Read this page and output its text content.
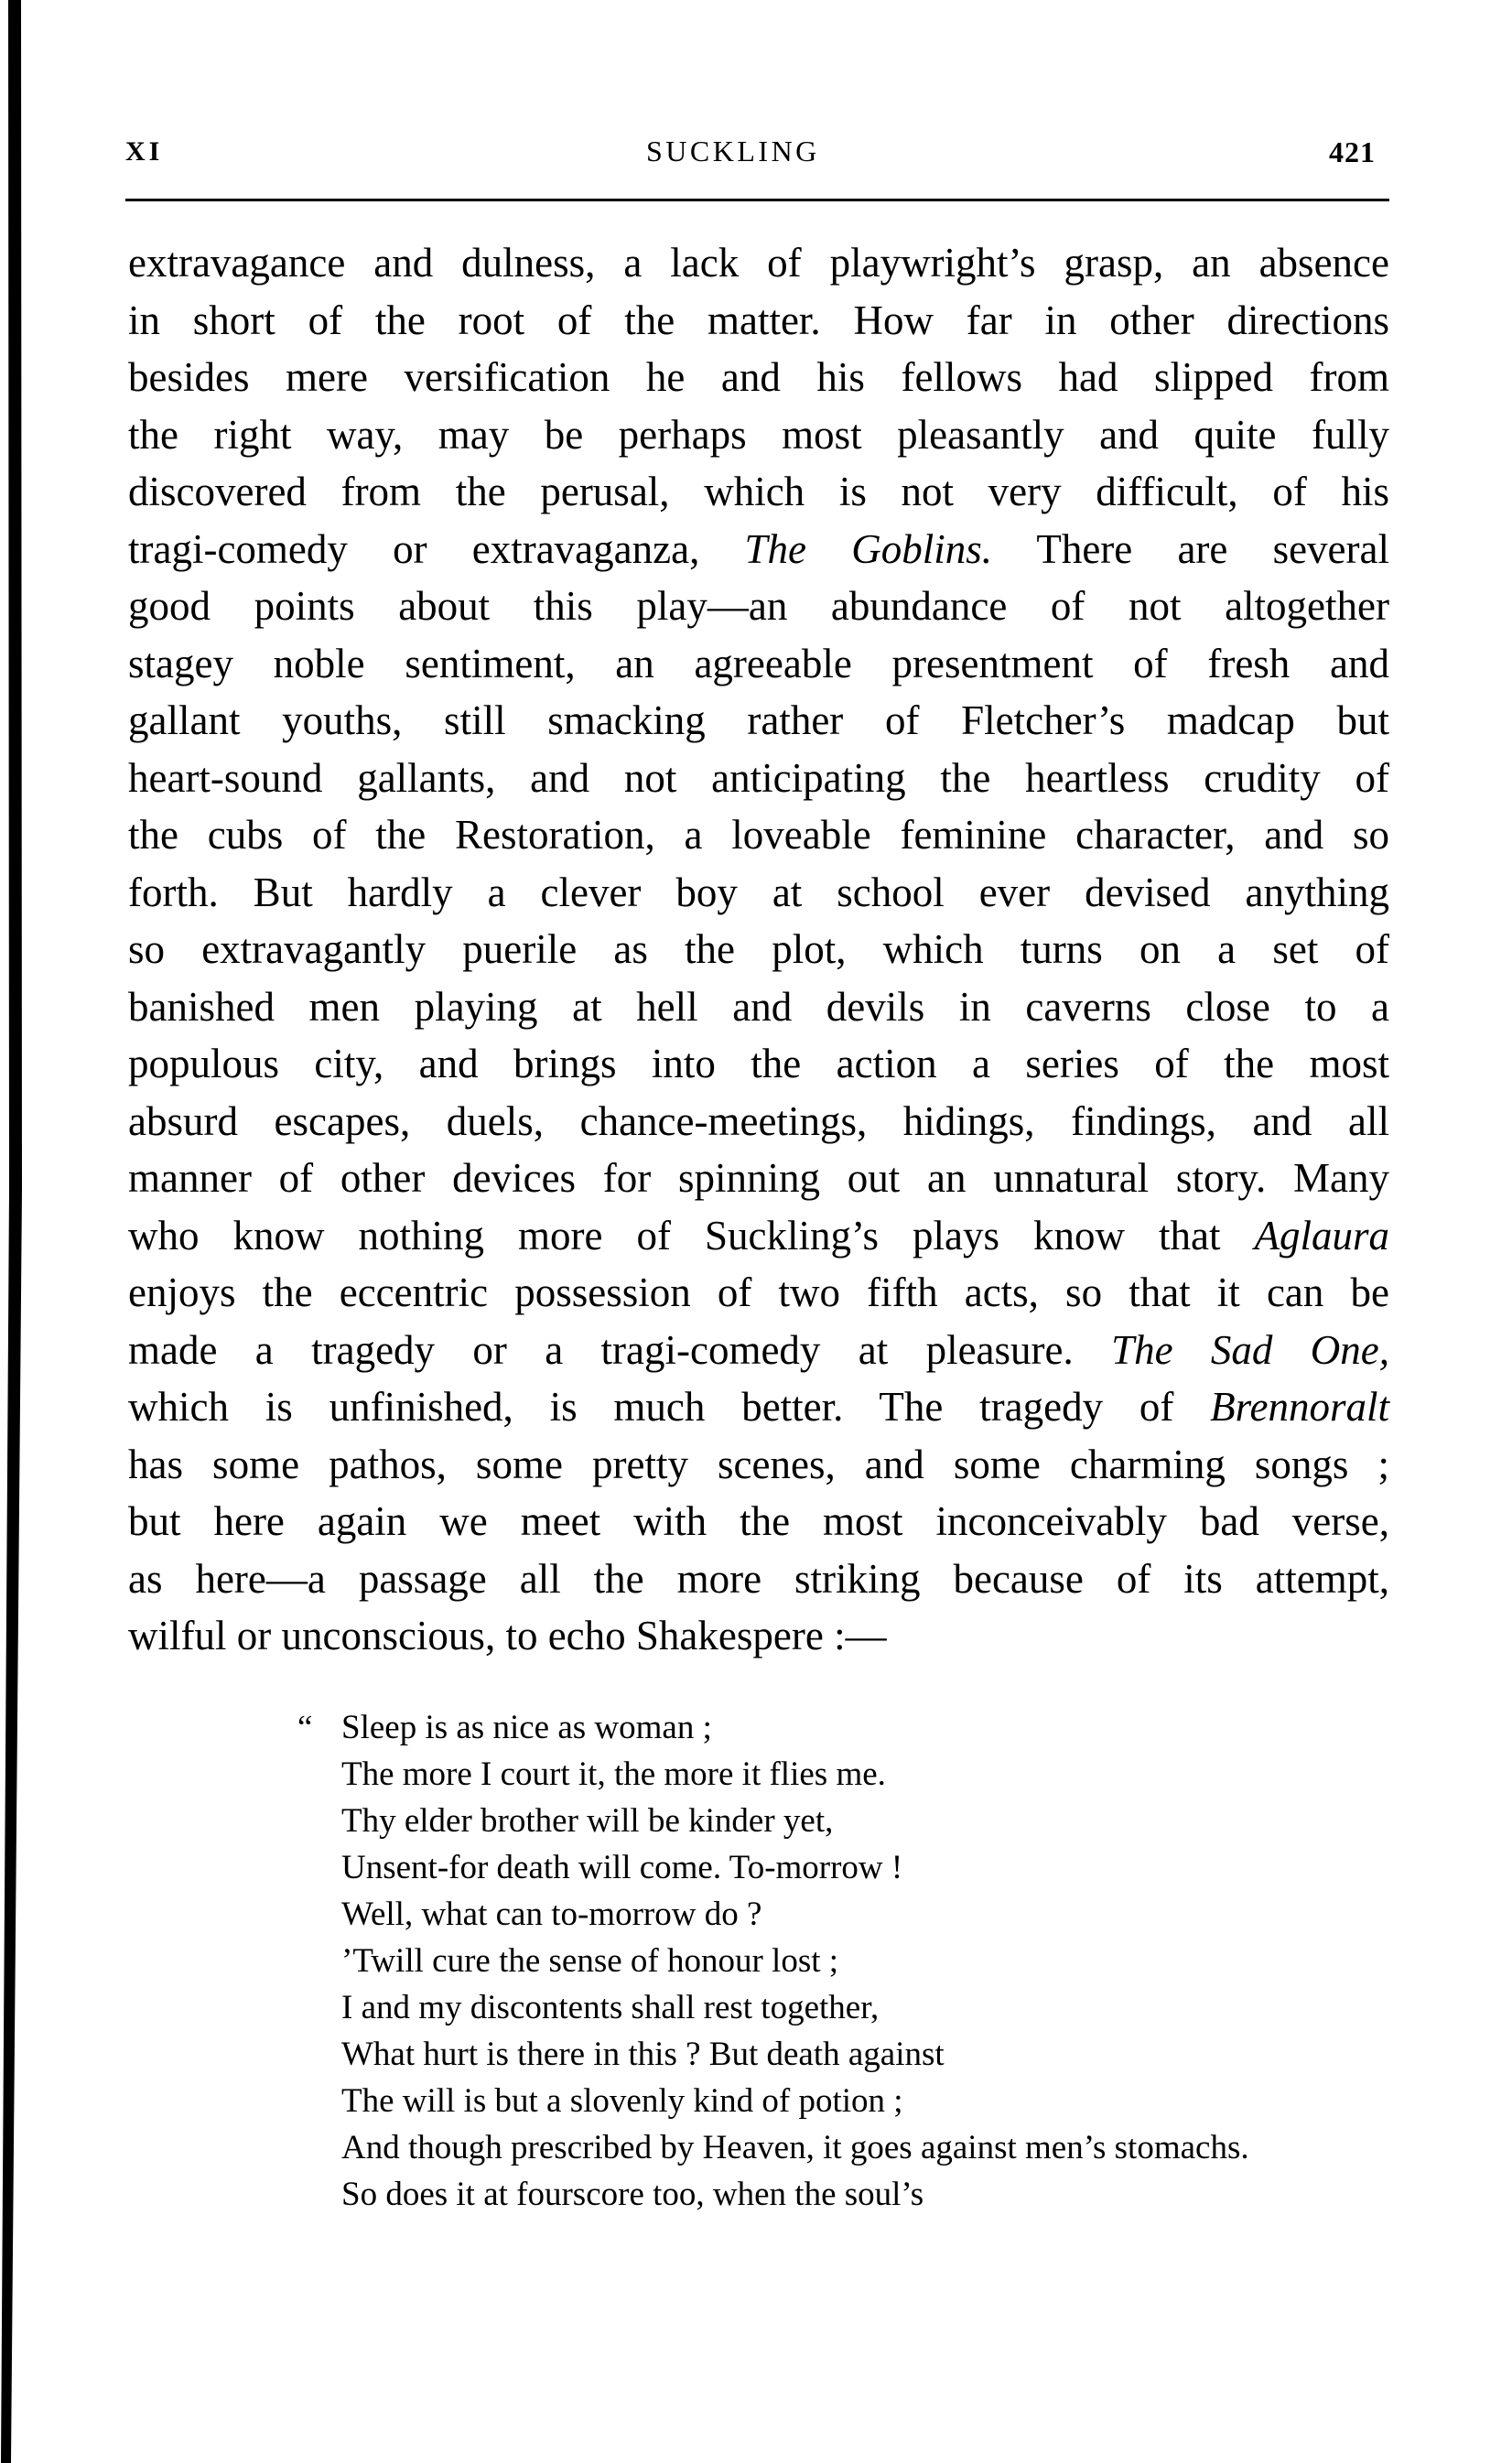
XI	SUCKLING	421
extravagance and dulness, a lack of playwright’s grasp, an absence
in short of the root of the matter. How far in other directions
besides mere versification he and his fellows had slipped from
the right way, may be perhaps most pleasantly and quite fully
discovered from the perusal, which is not very difficult, of his
tragi-comedy or extravaganza, The Goblins. There are several
good points about this play—an abundance of not altogether
stagey noble sentiment, an agreeable presentment of fresh and
gallant youths, still smacking rather of Fletcher’s madcap but
heart-sound gallants, and not anticipating the heartless crudity of
the cubs of the Restoration, a loveable feminine character, and so
forth. But hardly a clever boy at school ever devised anything
so extravagantly puerile as the plot, which turns on a set of
banished men playing at hell and devils in caverns close to a
populous city, and brings into the action a series of the most
absurd escapes, duels, chance-meetings, hidings, findings, and all
manner of other devices for spinning out an unnatural story. Many
who know nothing more of Suckling’s plays know that Aglaura
enjoys the eccentric possession of two fifth acts, so that it can be
made a tragedy or a tragi-comedy at pleasure. The Sad One,
which is unfinished, is much better. The tragedy of Brennoralt
has some pathos, some pretty scenes, and some charming songs ;
but here again we meet with the most inconceivably bad verse,
as here—a passage all the more striking because of its attempt,
wilful or unconscious, to echo Shakespere :—
“ Sleep is as nice as woman ;
The more I court it, the more it flies me.
Thy elder brother will be kinder yet,
Unsent-for death will come. To-morrow !
Well, what can to-morrow do ?
’Twill cure the sense of honour lost ;
I and my discontents shall rest together,
What hurt is there in this ? But death against
The will is but a slovenly kind of potion ;
And though prescribed by Heaven, it goes against men’s stomachs.
So does it at fourscore too, when the soul’s
